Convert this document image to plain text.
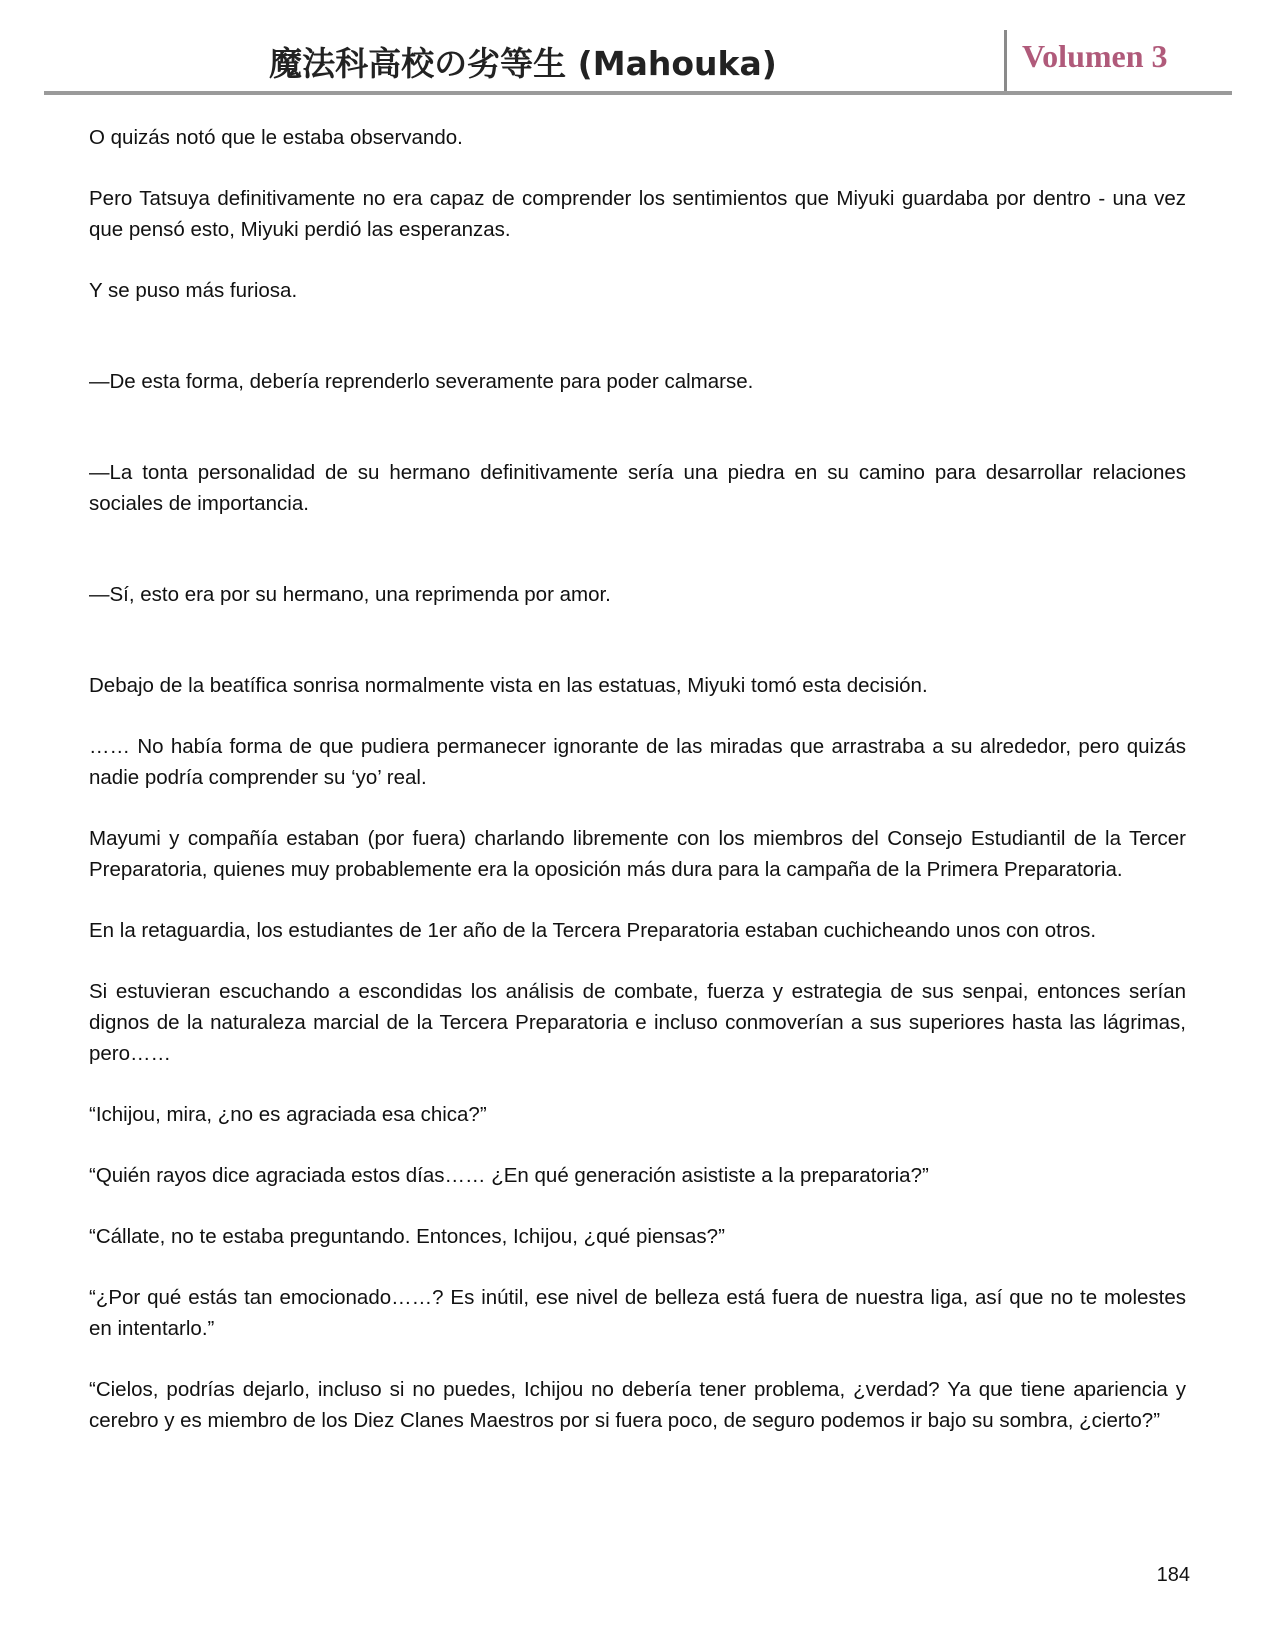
魔法科高校の劣等生 (Mahouka)	Volumen 3

O quizás notó que le estaba observando.

Pero Tatsuya definitivamente no era capaz de comprender los sentimientos que Miyuki guardaba por dentro - una vez que pensó esto, Miyuki perdió las esperanzas.

Y se puso más furiosa.

—De esta forma, debería reprenderlo severamente para poder calmarse.

—La tonta personalidad de su hermano definitivamente sería una piedra en su camino para desarrollar relaciones sociales de importancia.

—Sí, esto era por su hermano, una reprimenda por amor.

Debajo de la beatífica sonrisa normalmente vista en las estatuas, Miyuki tomó esta decisión.

…… No había forma de que pudiera permanecer ignorante de las miradas que arrastraba a su alrededor, pero quizás nadie podría comprender su ‘yo’ real.

Mayumi y compañía estaban (por fuera) charlando libremente con los miembros del Consejo Estudiantil de la Tercer Preparatoria, quienes muy probablemente era la oposición más dura para la campaña de la Primera Preparatoria.

En la retaguardia, los estudiantes de 1er año de la Tercera Preparatoria estaban cuchicheando unos con otros.

Si estuvieran escuchando a escondidas los análisis de combate, fuerza y estrategia de sus senpai, entonces serían dignos de la naturaleza marcial de la Tercera Preparatoria e incluso conmoverían a sus superiores hasta las lágrimas, pero……

“Ichijou, mira, ¿no es agraciada esa chica?”

“Quién rayos dice agraciada estos días…… ¿En qué generación asististe a la preparatoria?”

“Cállate, no te estaba preguntando. Entonces, Ichijou, ¿qué piensas?”

“¿Por qué estás tan emocionado……? Es inútil, ese nivel de belleza está fuera de nuestra liga, así que no te molestes en intentarlo.”

“Cielos, podrías dejarlo, incluso si no puedes, Ichijou no debería tener problema, ¿verdad? Ya que tiene apariencia y cerebro y es miembro de los Diez Clanes Maestros por si fuera poco, de seguro podemos ir bajo su sombra, ¿cierto?”

184
